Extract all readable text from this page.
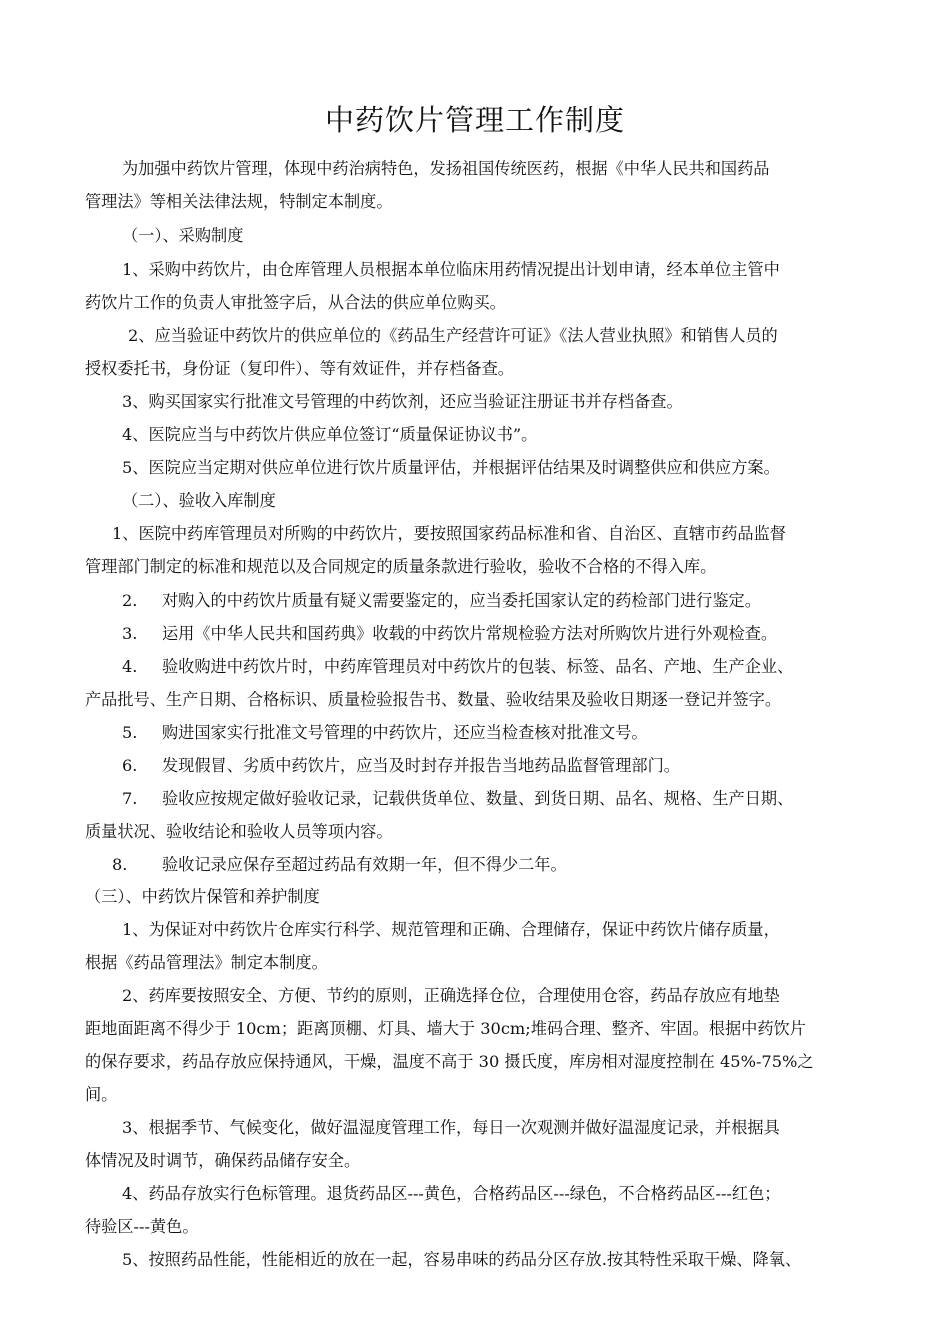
中药饮片管理工作制度
为加强中药饮片管理，体现中药治病特色，发扬祖国传统医药，根据《中华人民共和国药品
管理法》等相关法律法规，特制定本制度。
（一）、采购制度
1、采购中药饮片，由仓库管理人员根据本单位临床用药情况提出计划申请，经本单位主管中
药饮片工作的负责人审批签字后，从合法的供应单位购买。
2、应当验证中药饮片的供应单位的《药品生产经营许可证》《法人营业执照》和销售人员的
授权委托书，身份证（复印件）、等有效证件，并存档备查。
3、购买国家实行批准文号管理的中药饮剂，还应当验证注册证书并存档备查。
4、医院应当与中药饮片供应单位签订“质量保证协议书”。
5、医院应当定期对供应单位进行饮片质量评估，并根据评估结果及时调整供应和供应方案。
（二）、验收入库制度
1、医院中药库管理员对所购的中药饮片，要按照国家药品标准和省、自治区、直辖市药品监督
管理部门制定的标准和规范以及合同规定的质量条款进行验收，验收不合格的不得入库。
2. 对购入的中药饮片质量有疑义需要鉴定的，应当委托国家认定的药检部门进行鉴定。
3. 运用《中华人民共和国药典》收载的中药饮片常规检验方法对所购饮片进行外观检查。
4. 验收购进中药饮片时，中药库管理员对中药饮片的包装、标签、品名、产地、生产企业、
产品批号、生产日期、合格标识、质量检验报告书、数量、验收结果及验收日期逐一登记并签字。
5. 购进国家实行批准文号管理的中药饮片，还应当检查核对批准文号。
6. 发现假冒、劣质中药饮片，应当及时封存并报告当地药品监督管理部门。
7. 验收应按规定做好验收记录，记载供货单位、数量、到货日期、品名、规格、生产日期、
质量状况、验收结论和验收人员等项内容。
8. 验收记录应保存至超过药品有效期一年，但不得少二年。
（三）、中药饮片保管和养护制度
1、为保证对中药饮片仓库实行科学、规范管理和正确、合理储存，保证中药饮片储存质量，
根据《药品管理法》制定本制度。
2、药库要按照安全、方便、节约的原则，正确选择仓位，合理使用仓容，药品存放应有地垫
距地面距离不得少于 10cm；距离顶棚、灯具、墙大于 30cm;堆码合理、整齐、牢固。根据中药饮片
的保存要求，药品存放应保持通风，干燥，温度不高于 30 摄氏度，库房相对湿度控制在 45%-75%之
间。
3、根据季节、气候变化，做好温湿度管理工作，每日一次观测并做好温湿度记录，并根据具
体情况及时调节，确保药品储存安全。
4、药品存放实行色标管理。退货药品区---黄色，合格药品区---绿色，不合格药品区---红色；
待验区---黄色。
5、按照药品性能，性能相近的放在一起，容易串味的药品分区存放.按其特性采取干燥、降氧、
